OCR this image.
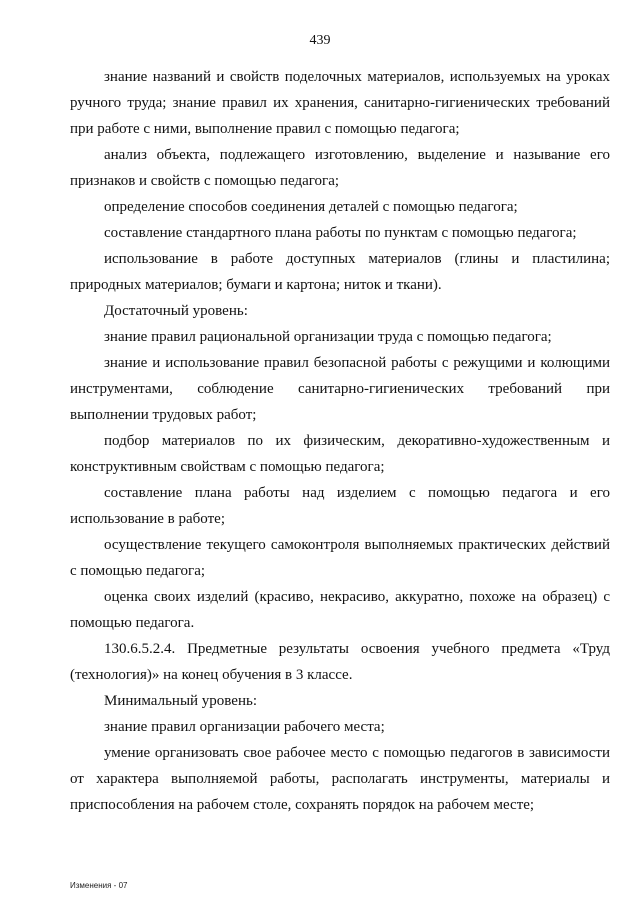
439

знание названий и свойств поделочных материалов, используемых на уроках ручного труда; знание правил их хранения, санитарно-гигиенических требований при работе с ними, выполнение правил с помощью педагога;

анализ объекта, подлежащего изготовлению, выделение и называние его признаков и свойств с помощью педагога;

определение способов соединения деталей с помощью педагога;

составление стандартного плана работы по пунктам с помощью педагога;

использование в работе доступных материалов (глины и пластилина; природных материалов; бумаги и картона; ниток и ткани).

Достаточный уровень:

знание правил рациональной организации труда с помощью педагога;

знание и использование правил безопасной работы с режущими и колющими инструментами, соблюдение санитарно-гигиенических требований при выполнении трудовых работ;

подбор материалов по их физическим, декоративно-художественным и конструктивным свойствам с помощью педагога;

составление плана работы над изделием с помощью педагога и его использование в работе;

осуществление текущего самоконтроля выполняемых практических действий с помощью педагога;

оценка своих изделий (красиво, некрасиво, аккуратно, похоже на образец) с помощью педагога.

130.6.5.2.4. Предметные результаты освоения учебного предмета «Труд (технология)» на конец обучения в 3 классе.

Минимальный уровень:

знание правил организации рабочего места;

умение организовать свое рабочее место с помощью педагогов в зависимости от характера выполняемой работы, располагать инструменты, материалы и приспособления на рабочем столе, сохранять порядок на рабочем месте;

Изменения - 07
